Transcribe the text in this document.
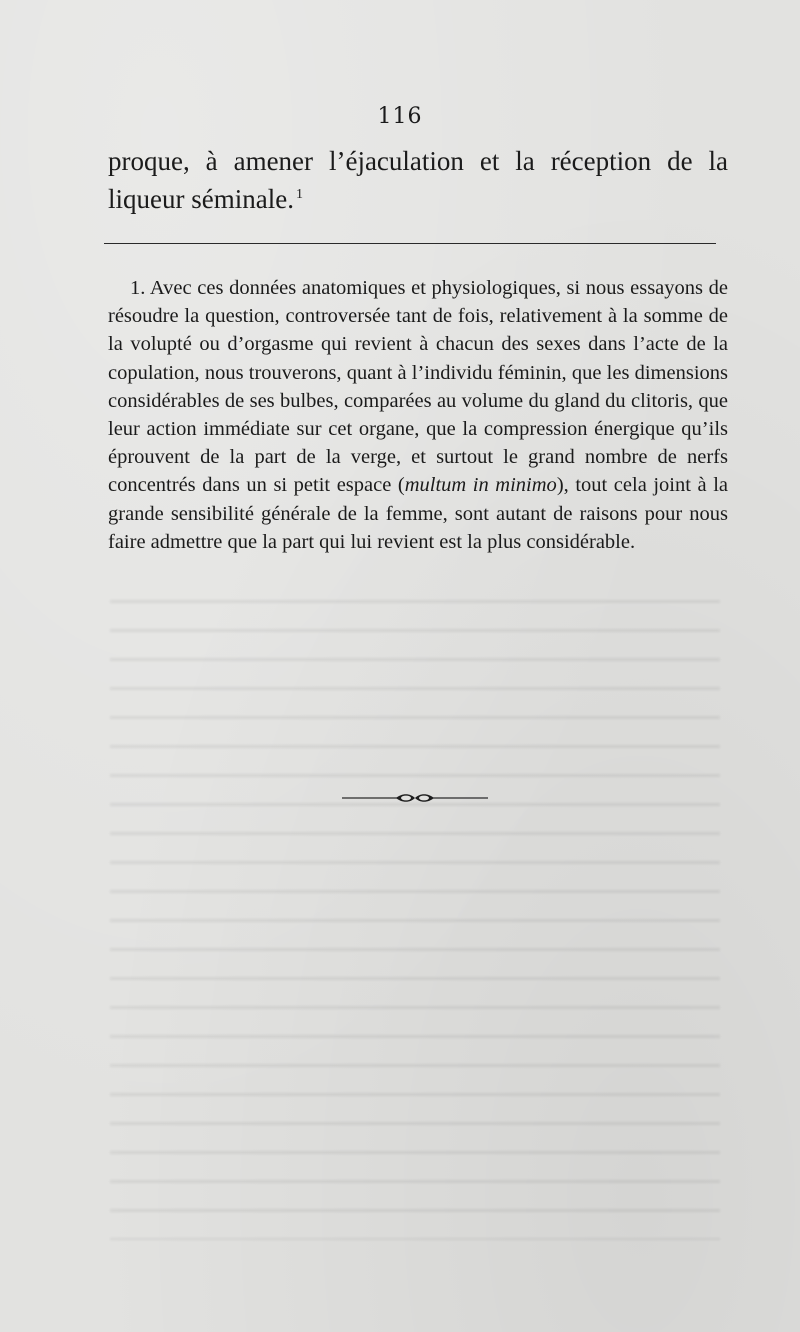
116
proque, à amener l’éjaculation et la réception de la liqueur séminale. $^1$

1. Avec ces données anatomiques et physiologiques, si nous essayons de résoudre la question, controversée tant de fois, relativement à la somme de la volupté ou d’orgasme qui revient à chacun des sexes dans l’acte de la copulation, nous trouverons, quant à l’individu féminin, que les dimensions considérables de ses bulbes, comparées au volume du gland du clitoris, que leur action immédiate sur cet organe, que la compression énergique qu’ils éprouvent de la part de la verge, et surtout le grand nombre de nerfs concentrés dans un si petit espace (multum in minimo), tout cela joint à la grande sensibilité générale de la femme, sont autant de raisons pour nous faire admettre que la part qui lui revient est la plus considérable.
